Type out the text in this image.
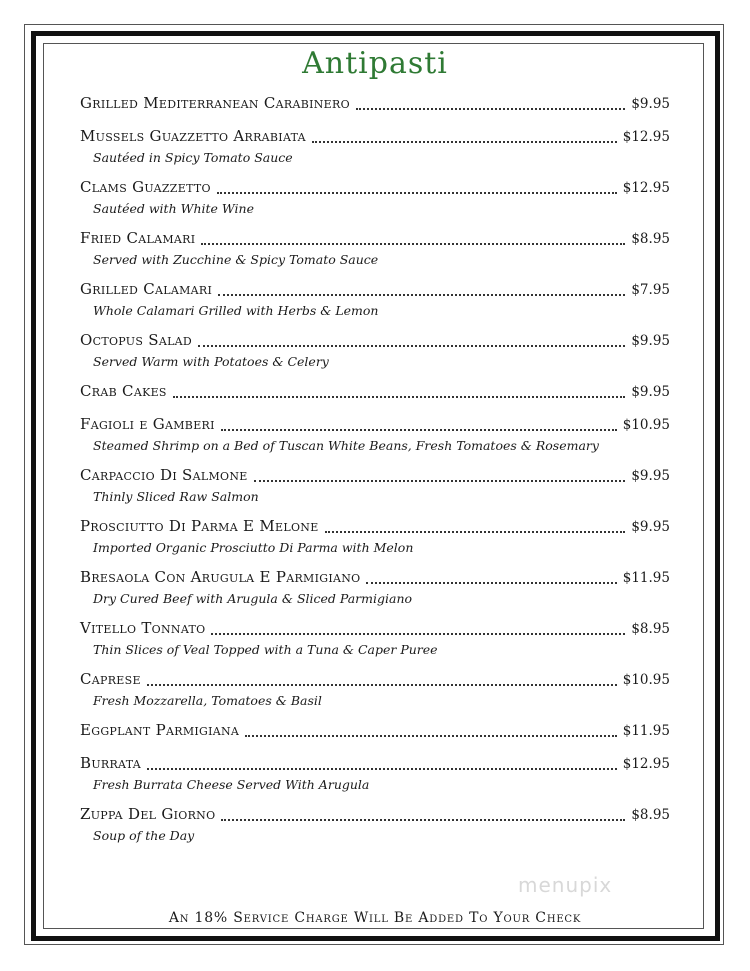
Antipasti
Grilled Mediterranean Carabinero	$9.95
Mussels Guazzetto Arrabiata	$12.95
Sautéed in Spicy Tomato Sauce
Clams Guazzetto	$12.95
Sautéed with White Wine
Fried Calamari	$8.95
Served with Zucchine & Spicy Tomato Sauce
Grilled Calamari	$7.95
Whole Calamari Grilled with Herbs & Lemon
Octopus Salad	$9.95
Served Warm with Potatoes & Celery
Crab Cakes	$9.95
Fagioli e Gamberi	$10.95
Steamed Shrimp on a Bed of Tuscan White Beans, Fresh Tomatoes & Rosemary
Carpaccio Di Salmone	$9.95
Thinly Sliced Raw Salmon
Prosciutto Di Parma E Melone	$9.95
Imported Organic Prosciutto Di Parma with Melon
Bresaola Con Arugula E Parmigiano	$11.95
Dry Cured Beef with Arugula & Sliced Parmigiano
Vitello Tonnato	$8.95
Thin Slices of Veal Topped with a Tuna & Caper Puree
Caprese	$10.95
Fresh Mozzarella, Tomatoes & Basil
Eggplant Parmigiana	$11.95
Burrata	$12.95
Fresh Burrata Cheese Served With Arugula
Zuppa Del Giorno	$8.95
Soup of the Day
menupix
An 18% Service Charge Will Be Added To Your Check
